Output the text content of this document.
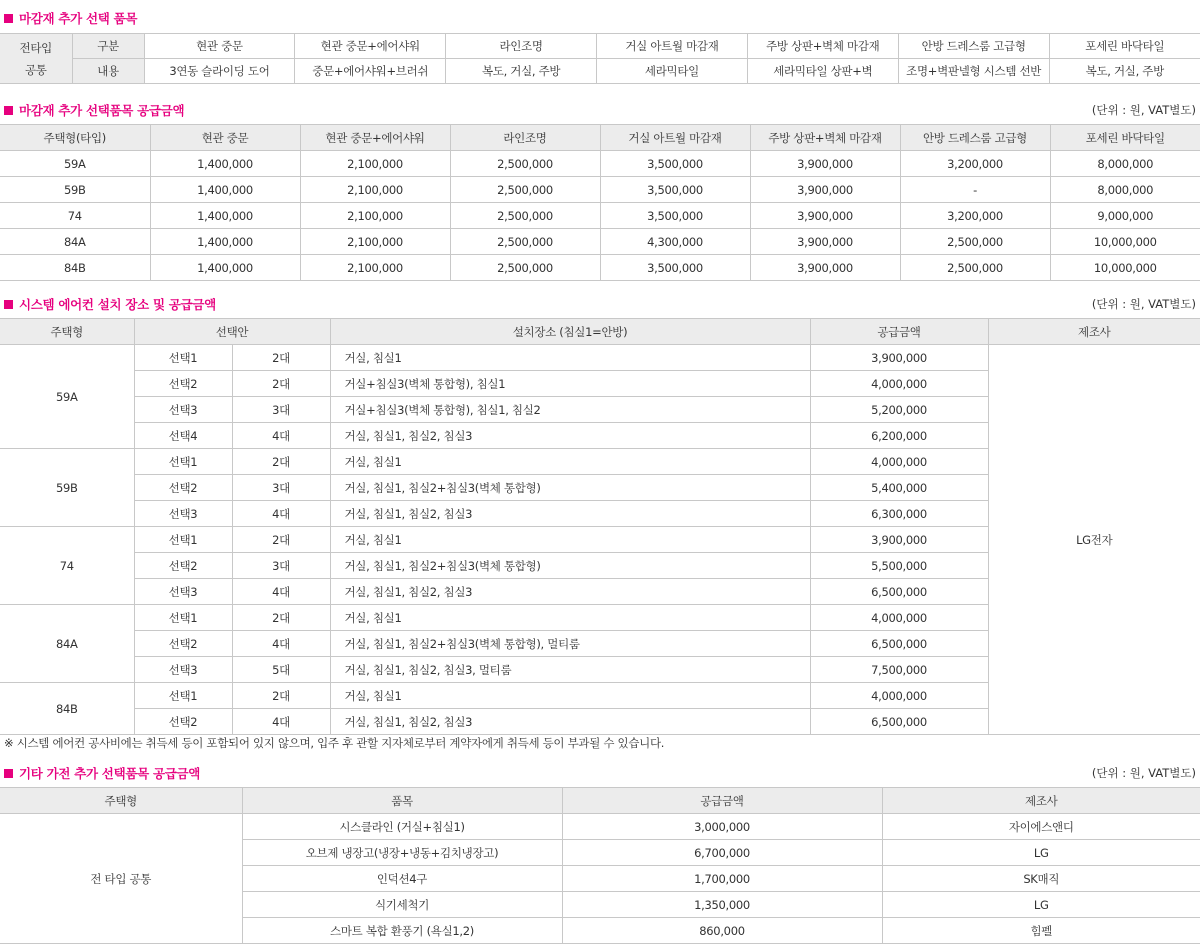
마감재 추가 선택 품목
전타입
공통	구분	현관 중문	현관 중문+에어샤워	라인조명	거실 아트월 마감재	주방 상판+벽체 마감재	안방 드레스룸 고급형	포세린 바닥타일
	내용	3연동 슬라이딩 도어	중문+에어샤워+브러쉬	복도, 거실, 주방	세라믹타일	세라믹타일 상판+벽	조명+벽판넬형 시스템 선반	복도, 거실, 주방
마감재 추가 선택품목 공급금액	(단위 : 원, VAT별도)
주택형(타입)	현관 중문	현관 중문+에어샤워	라인조명	거실 아트월 마감재	주방 상판+벽체 마감재	안방 드레스룸 고급형	포세린 바닥타일
59A	1,400,000	2,100,000	2,500,000	3,500,000	3,900,000	3,200,000	8,000,000
59B	1,400,000	2,100,000	2,500,000	3,500,000	3,900,000	-	8,000,000
74	1,400,000	2,100,000	2,500,000	3,500,000	3,900,000	3,200,000	9,000,000
84A	1,400,000	2,100,000	2,500,000	4,300,000	3,900,000	2,500,000	10,000,000
84B	1,400,000	2,100,000	2,500,000	3,500,000	3,900,000	2,500,000	10,000,000
시스템 에어컨 설치 장소 및 공급금액	(단위 : 원, VAT별도)
주택형	선택안		설치장소 (침실1=안방)	공급금액	제조사
59A	선택1	2대	거실, 침실1	3,900,000	LG전자
	선택2	2대	거실+침실3(벽체 통합형), 침실1	4,000,000	
	선택3	3대	거실+침실3(벽체 통합형), 침실1, 침실2	5,200,000	
	선택4	4대	거실, 침실1, 침실2, 침실3	6,200,000	
59B	선택1	2대	거실, 침실1	4,000,000	
	선택2	3대	거실, 침실1, 침실2+침실3(벽체 통합형)	5,400,000	
	선택3	4대	거실, 침실1, 침실2, 침실3	6,300,000	
74	선택1	2대	거실, 침실1	3,900,000	
	선택2	3대	거실, 침실1, 침실2+침실3(벽체 통합형)	5,500,000	
	선택3	4대	거실, 침실1, 침실2, 침실3	6,500,000	
84A	선택1	2대	거실, 침실1	4,000,000	
	선택2	4대	거실, 침실1, 침실2+침실3(벽체 통합형), 멀티룸	6,500,000	
	선택3	5대	거실, 침실1, 침실2, 침실3, 멀티룸	7,500,000	
84B	선택1	2대	거실, 침실1	4,000,000	
	선택2	4대	거실, 침실1, 침실2, 침실3	6,500,000	
※ 시스템 에어컨 공사비에는 취득세 등이 포함되어 있지 않으며, 입주 후 관할 지자체로부터 계약자에게 취득세 등이 부과될 수 있습니다.
기타 가전 추가 선택품목 공급금액	(단위 : 원, VAT별도)
주택형	품목	공급금액	제조사
전 타입 공통	시스클라인 (거실+침실1)	3,000,000	자이에스앤디
	오브제 냉장고(냉장+냉동+김치냉장고)	6,700,000	LG
	인덕션4구	1,700,000	SK매직
	식기세척기	1,350,000	LG
	스마트 복합 환풍기 (욕실1,2)	860,000	힘펠
